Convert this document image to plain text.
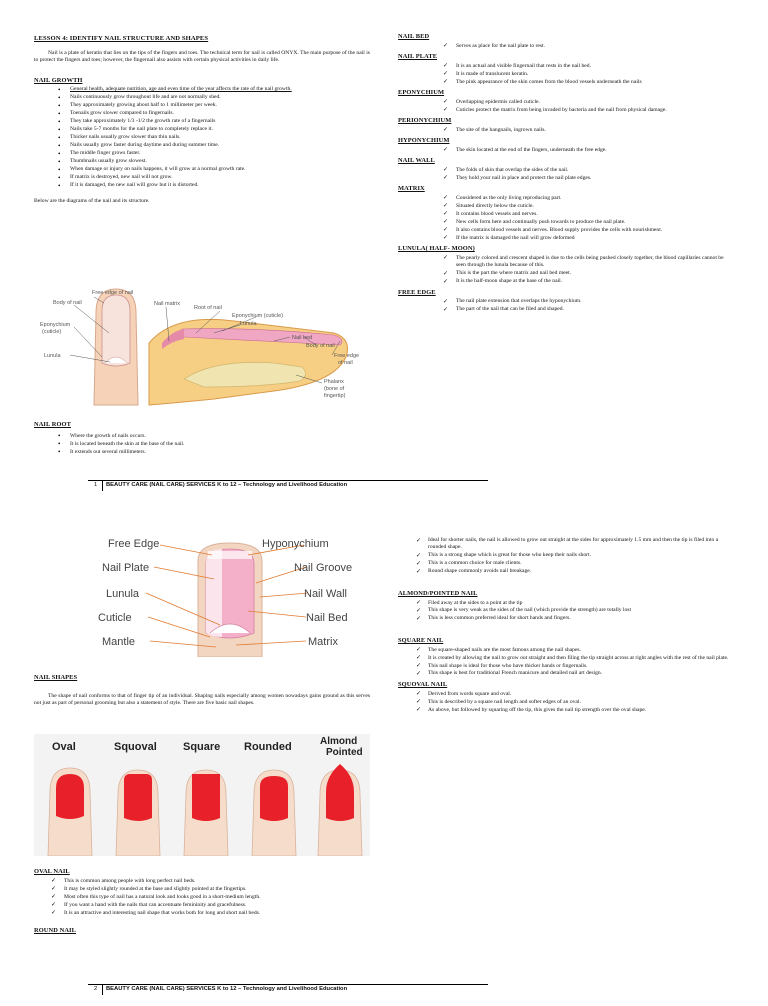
LESSON 4: IDENTIFY NAIL STRUCTURE AND SHAPES

Nail is a plate of keratin that lies on the tips of the fingers and toes. The technical term for nail is called ONYX. The main purpose of the nail is to protect the fingers and toes; however, the fingernail also assists with certain physical activities in daily life.

NAIL GROWTH
• General health, adequate nutrition, age and even time of the year affects the rate of the nail growth.
• Nails continuously grow throughout life and are not normally shed.
• They approximately growing about half to 1 millimeter per week.
• Toenails grow slower compared to fingernails.
• They take approximately 1/3 -1/2 the growth rate of a fingernails
• Nails take 5-7 months for the nail plate to completely replace it.
• Thicker nails usually grow slower than thin nails.
• Nails usually grow faster during daytime and during summer time.
• The middle finger grows faster.
• Thumbnails usually grow slowest.
• When damage or injury on nails happens, it will grow at a normal growth rate.
• If matrix is destroyed, new nail will not grow.
• If it is damaged, the new nail will grow but it is distorted.

Below are the diagrams of the nail and its structure.

Free edge of nail
Body of nail
Eponychium
(cuticle)
Lunula
Nail matrix
Root of nail
Eponychium (cuticle)
Lunula
Nail bed
Body of nail
Free edge
of nail
Phalanx
(bone of
fingertip)
NAIL ROOT
• Where the growth of nails occurs.
• It is located beneath the skin at the base of the nail.
• It extends out several millimeters.
NAIL BED
✓ Serves as place for the nail plate to rest.
NAIL PLATE
✓ It is an actual and visible fingernail that rests in the nail bed.
✓ It is made of translucent keratin.
✓ The pink appearance of the skin comes from the blood vessels underneath the nails
EPONYCHIUM
✓ Overlapping epidermis called cuticle.
✓ Cuticles protect the matrix from being invaded by bacteria and the nail from physical damage.
PERIONYCHIUM
✓ The site of the hangnails, ingrown nails.
HYPONYCHIUM
✓ The skin located at the end of the fingers, underneath the free edge.
NAIL WALL
✓ The folds of skin that overlap the sides of the nail.
✓ They hold your nail in place and protect the nail plate edges.
MATRIX
✓ Considered as the only living reproducing part.
✓ Situated directly below the cuticle.
✓ It contains blood vessels and nerves.
✓ New cells form here and continually push towards to produce the nail plate.
✓ It also contains blood vessels and nerves. Blood supply provides the cells with nourishment.
✓ If the matrix is damaged the nail will grow deformed
LUNULA( HALF- MOON)
✓ The pearly colored and crescent shaped is due to the cells being pushed closely together, the blood capillaries cannot be seen through the lunula because of this.
✓ This is the part the where matrix and nail bed meet.
✓ It is the half-moon shape at the base of the nail.
FREE EDGE
✓ The nail plate extension that overlaps the hyponychium.
✓ The part of the nail that can be filed and shaped.
1 BEAUTY CARE (NAIL CARE) SERVICES K to 12 – Technology and Livelihood Education
Free Edge	Hyponychium
Nail Plate	Nail Groove
Lunula	Nail Wall
Cuticle	Nail Bed
Mantle	Matrix
NAIL SHAPES

The shape of nail conforms to that of finger tip of an individual. Shaping nails especially among women nowadays gains ground as this serves not just as part of personal grooming but also a statement of style. There are five basic nail shapes.

Oval	Squoval Square Rounded	Almond
Pointed
OVAL NAIL
✓ This is common among people with long perfect nail beds.
✓ It may be styled slightly rounded at the base and slightly pointed at the fingertips.
✓ Most often this type of nail has a natural look and looks good in a short-medium length.
✓ If you want a hand with the nails that can accentuate femininity and gracefulness.
✓ It is an attractive and interesting nail shape that works both for long and short nail beds.
ROUND NAIL
✓ Ideal for shorter nails, the nail is allowed to grow out straight at the sides for approximately 1.5 mm and then the tip is filed into a rounded shape.
✓ This is a strong shape which is great for those who keep their nails short.
✓ This is a common choice for male clients.
✓ Round shape commonly avoids nail breakage.
ALMOND/POINTED NAIL
✓ Filed away at the sides to a point at the tip
✓ This shape is very weak as the sides of the nail (which provide the strength) are totally lost
✓ This is less common preferred ideal for short hands and fingers.
SQUARE NAIL
✓ The square-shaped nails are the most famous among the nail shapes.
✓ It is created by allowing the nail to grow out straight and then filing the tip straight across at right angles with the rest of the nail plate.
✓ This nail shape is ideal for those who have thicker hands or fingernails.
✓ This shape is best for traditional French manicure and detailed nail art design.
SQUOVAL NAIL
✓ Derived from words square and oval.
✓ This is described by a square nail length and softer edges of an oval.
✓ As above, but followed by squaring off the tip, this gives the nail tip strength over the oval shape.
2 BEAUTY CARE (NAIL CARE) SERVICES K to 12 – Technology and Livelihood Education
